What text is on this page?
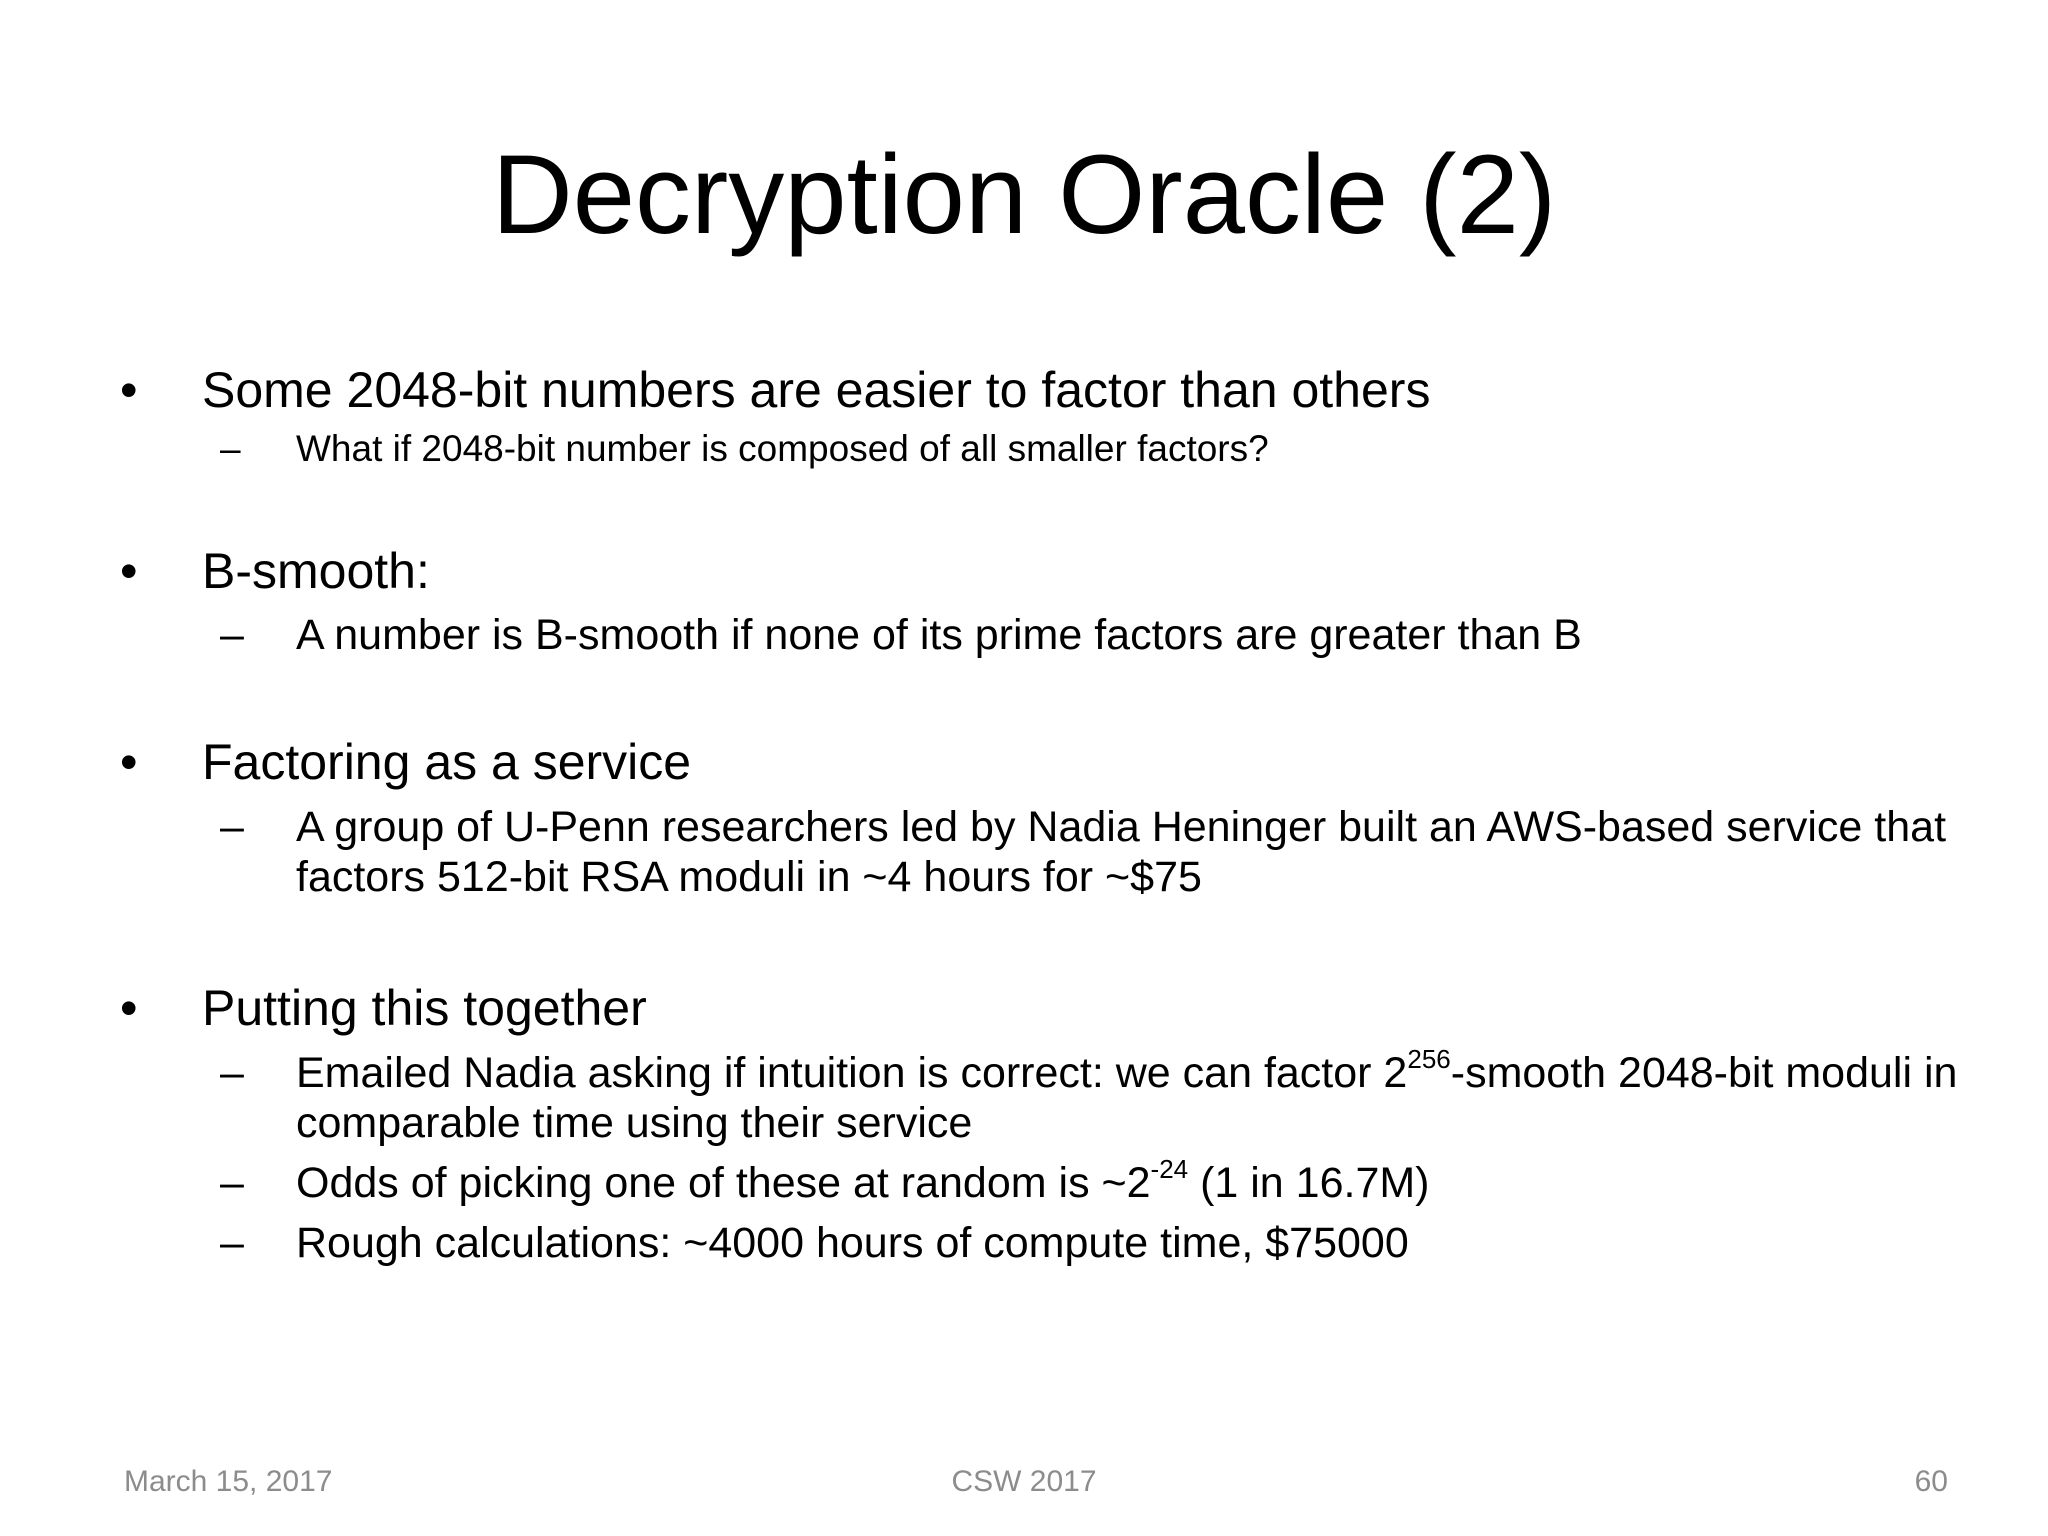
Decryption Oracle (2)
•	Some 2048-bit numbers are easier to factor than others
–	What if 2048-bit number is composed of all smaller factors?
•	B-smooth:
–	A number is B-smooth if none of its prime factors are greater than B
•	Factoring as a service
–	A group of U-Penn researchers led by Nadia Heninger built an AWS-based service that factors 512-bit RSA moduli in ~4 hours for ~$75
•	Putting this together
–	Emailed Nadia asking if intuition is correct: we can factor $2^{256}$-smooth 2048-bit moduli in comparable time using their service
–	Odds of picking one of these at random is $\sim 2^{-24}$ (1 in 16.7M)
–	Rough calculations: ~4000 hours of compute time, $75000
March 15, 2017	CSW 2017	60
